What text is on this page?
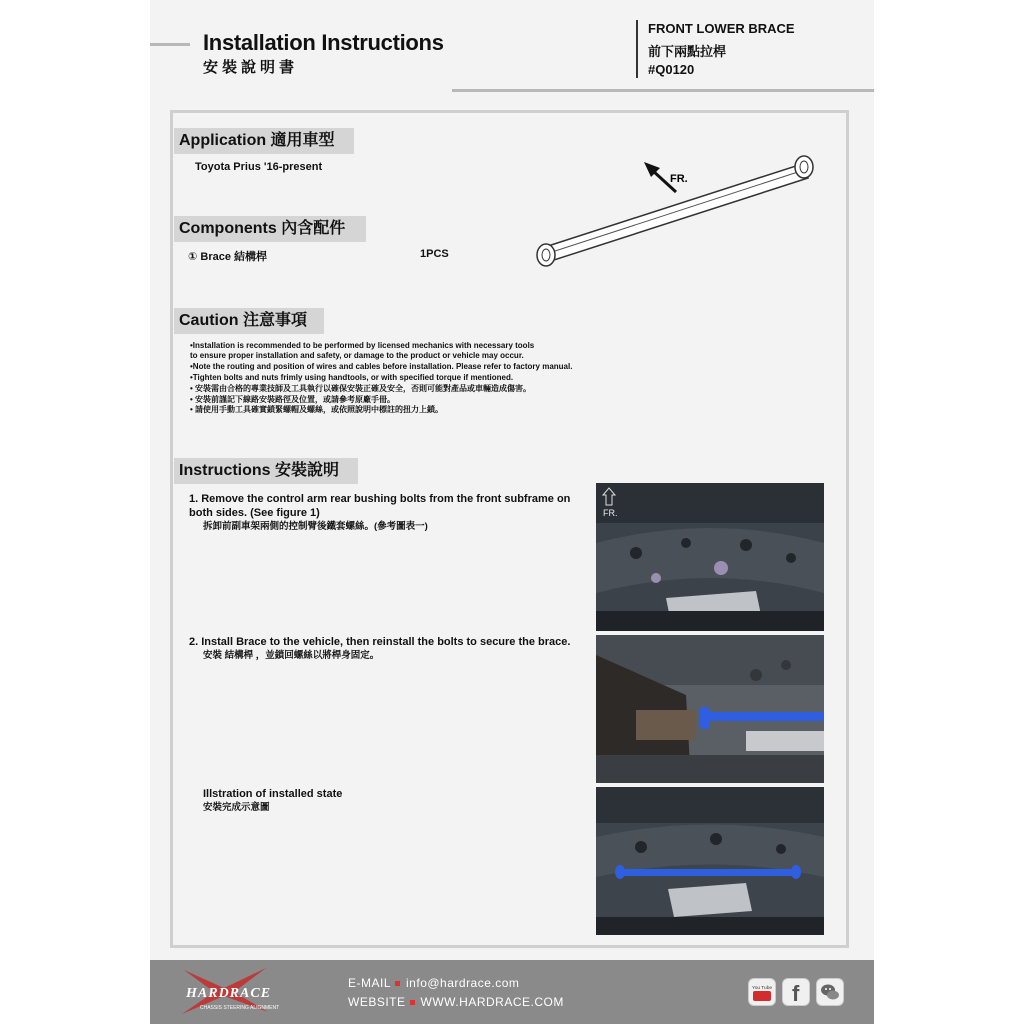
Installation Instructions
安裝說明書
FRONT LOWER BRACE
前下兩點拉桿
#Q0120
Application 適用車型
Toyota Prius '16-present
FR.
Components 內含配件
① Brace 結構桿	1PCS
Caution 注意事項
•Installation is recommended to be performed by licensed mechanics with necessary tools
to ensure proper installation and safety, or damage to the product or vehicle may occur.
•Note the routing and position of wires and cables before installation. Please refer to factory manual.
•Tighten bolts and nuts frimly using handtools, or with specified torque if mentioned.
• 安裝需由合格的專業技師及工具執行以確保安裝正確及安全，否則可能對產品或車輛造成傷害。
• 安裝前謹記下線路安裝路徑及位置，或請參考原廠手冊。
• 請使用手動工具確實鎖緊螺帽及螺絲，或依照說明中標註的扭力上鎖。
Instructions 安裝說明
1. Remove the control arm rear bushing bolts from the front subframe on both sides. (See figure 1)
拆卸前副車架兩側的控制臂後鐵套螺絲。(參考圖表一)
2. Install Brace to the vehicle, then reinstall the bolts to secure the brace.
安裝 結構桿 ，並鎖回螺絲以將桿身固定。
Illstration of installed state
安裝完成示意圖
FR.
HARDRACE
CHASSIS STEERING ALIGNMENT
E-MAIL info@hardrace.com
WEBSITE WWW.HARDRACE.COM
You Tube f
